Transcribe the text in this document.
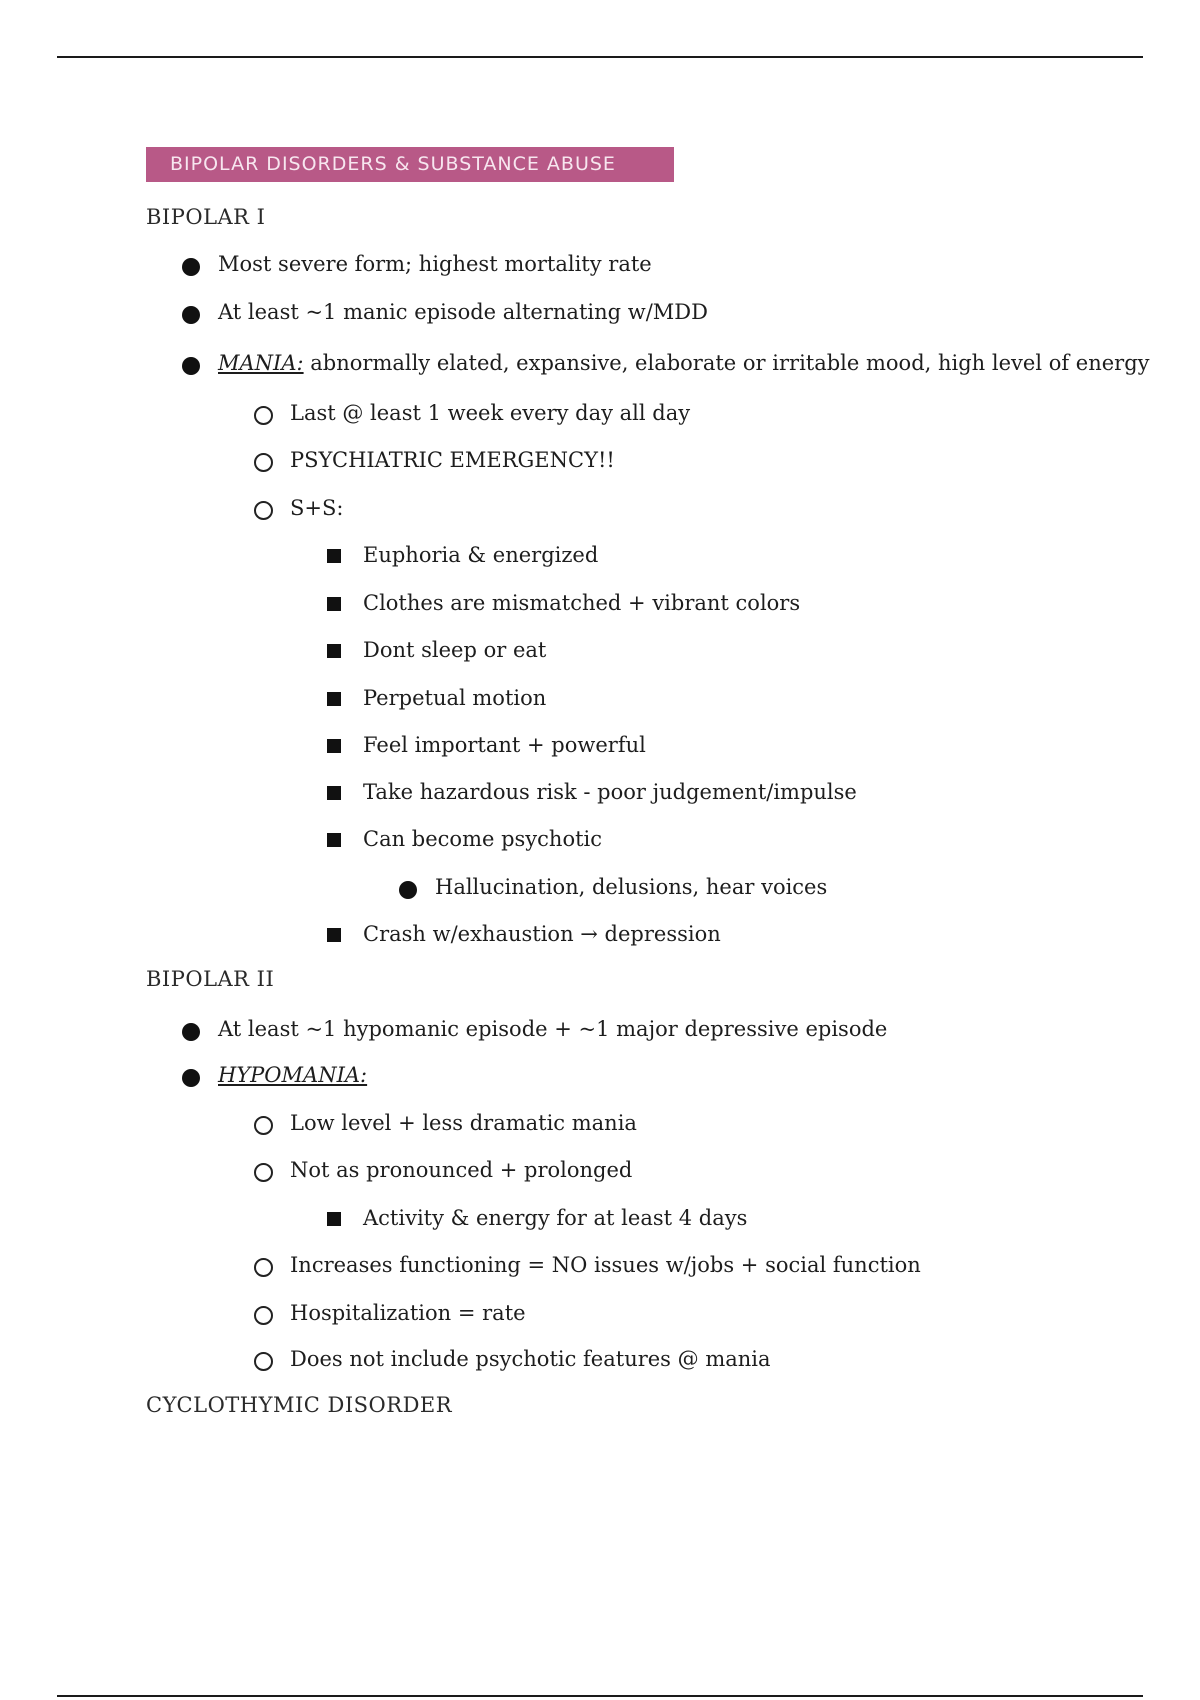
BIPOLAR DISORDERS & SUBSTANCE ABUSE
BIPOLAR I
Most severe form; highest mortality rate
At least ~1 manic episode alternating w/MDD
MANIA: abnormally elated, expansive, elaborate or irritable mood, high level of energy
Last @ least 1 week every day all day
PSYCHIATRIC EMERGENCY!!
S+S:
Euphoria & energized
Clothes are mismatched + vibrant colors
Dont sleep or eat
Perpetual motion
Feel important + powerful
Take hazardous risk - poor judgement/impulse
Can become psychotic
Hallucination, delusions, hear voices
Crash w/exhaustion → depression
BIPOLAR II
At least ~1 hypomanic episode + ~1 major depressive episode
HYPOMANIA:
Low level + less dramatic mania
Not as pronounced + prolonged
Activity & energy for at least 4 days
Increases functioning = NO issues w/jobs + social function
Hospitalization = rate
Does not include psychotic features @ mania
CYCLOTHYMIC DISORDER
